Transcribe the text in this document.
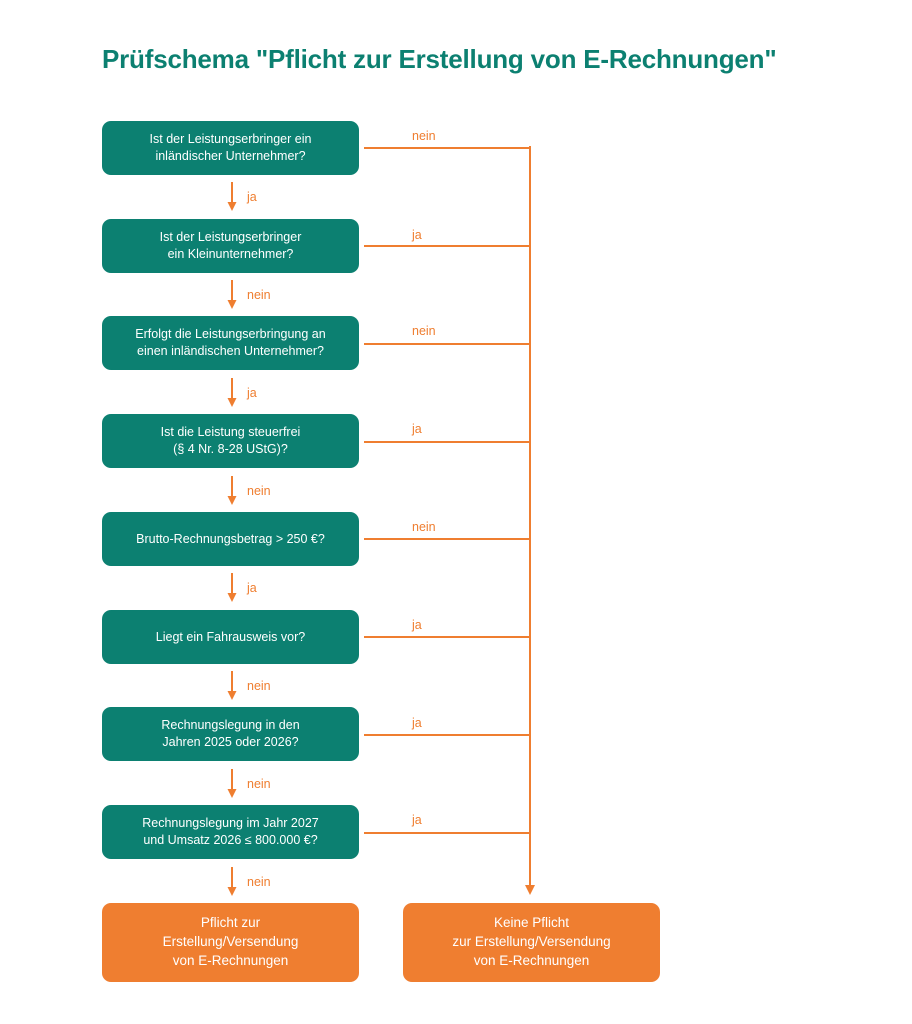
Prüfschema "Pflicht zur Erstellung von E-Rechnungen"
Ist der Leistungserbringer ein
inländischer Unternehmer?
Ist der Leistungserbringer
ein Kleinunternehmer?
Erfolgt die Leistungserbringung an
einen inländischen Unternehmer?
Ist die Leistung steuerfrei
(§ 4 Nr. 8-28 UStG)?
Brutto-Rechnungsbetrag > 250 €?
Liegt ein Fahrausweis vor?
Rechnungslegung in den
Jahren 2025 oder 2026?
Rechnungslegung im Jahr 2027
und Umsatz 2026 ≤ 800.000 €?
Pflicht zur
Erstellung/Versendung
von E-Rechnungen
Keine Pflicht
zur Erstellung/Versendung
von E-Rechnungen
ja
nein
ja
nein
ja
nein
nein
nein
nein
ja
nein
ja
nein
ja
ja
ja
